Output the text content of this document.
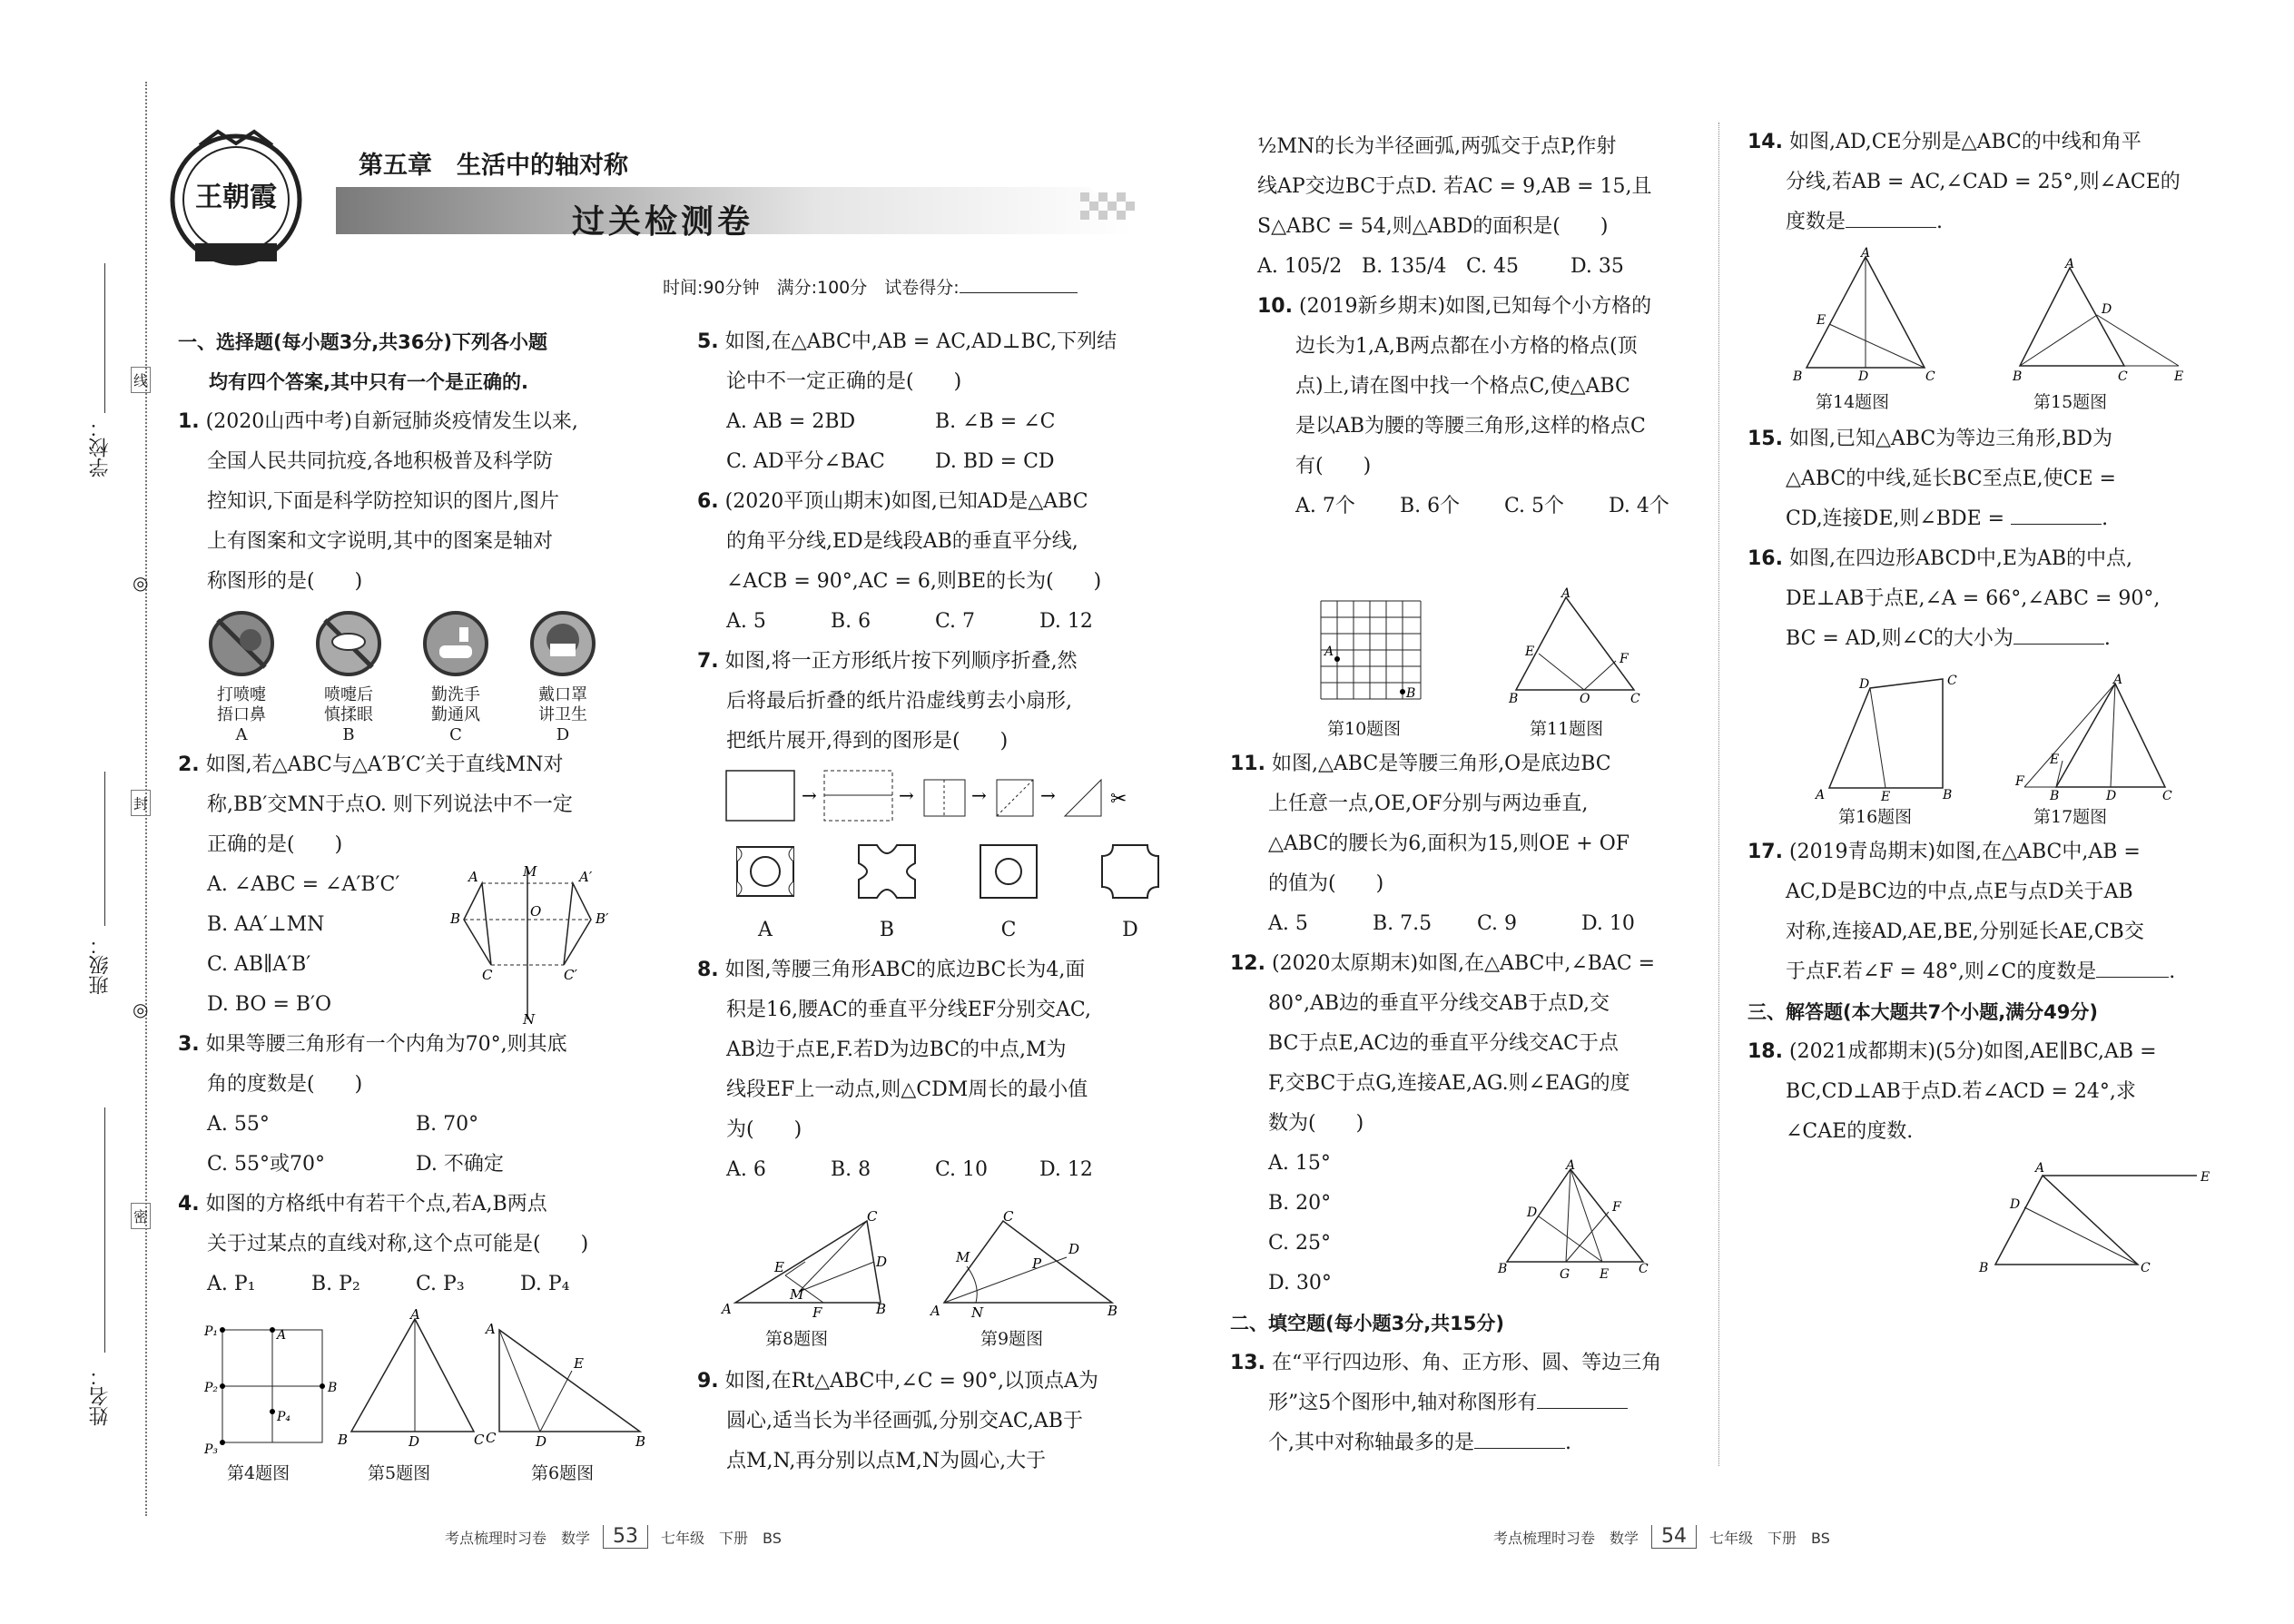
学校：
班级：
姓名：
线
◎
封
◎
密
王朝霞
第五章　生活中的轴对称
过关检测卷
时间:90分钟　满分:100分　试卷得分:
一、选择题(每小题3分,共36分)下列各小题
均有四个答案,其中只有一个是正确的.

1. (2020山西中考)自新冠肺炎疫情发生以来,

全国人民共同抗疫,各地积极普及科学防

控知识,下面是科学防控知识的图片,图片

上有图案和文字说明,其中的图案是轴对

称图形的是(　　)

打喷嚏
捂口鼻
A
喷嚏后
慎揉眼
B
勤洗手
勤通风
C
戴口罩
讲卫生
D

2. 如图,若△ABC与△A′B′C′关于直线MN对

称,BB′交MN于点O. 则下列说法中不一定

正确的是(　　)

A. ∠ABC = ∠A′B′C′

B. AA′⊥MN

C. AB∥A′B′

D. BO = B′O

M
N
B	B′
O
C	C′
A′
A

3. 如果等腰三角形有一个内角为70°,则其底

角的度数是(　　)

A. 55°	B. 70°
C. 55°或70°	D. 不确定

4. 如图的方格纸中有若干个点,若A,B两点

关于过某点的直线对称,这个点可能是(　　)

A. P₁	B. P₂	C. P₃	D. P₄
P₁
P₂
P₃
P₄
A
B
第4题图
A
B	D	C
第5题图
A
C	D	B
E
第6题图

5. 如图,在△ABC中,AB = AC,AD⊥BC,下列结

论中不一定正确的是(　　)

A. AB = 2BD	B. ∠B = ∠C
C. AD平分∠BAC	D. BD = CD

6. (2020平顶山期末)如图,已知AD是△ABC

的角平分线,ED是线段AB的垂直平分线,

∠ACB = 90°,AC = 6,则BE的长为(　　)

A. 5	B. 6	C. 7	D. 12

7. 如图,将一正方形纸片按下列顺序折叠,然

后将最后折叠的纸片沿虚线剪去小扇形,

把纸片展开,得到的图形是(　　)

→	→	→	→	✂
A	B	C	D

8. 如图,等腰三角形ABC的底边BC长为4,面

积是16,腰AC的垂直平分线EF分别交AC,

AB边于点E,F.若D为边BC的中点,M为

线段EF上一动点,则△CDM周长的最小值

为(　　)

A. 6	B. 8	C. 10	D. 12
A	B
C
D
E
M
F
第8题图
A	B
C
M
N
D
P
第9题图

9. 如图,在Rt△ABC中,∠C = 90°,以顶点A为

圆心,适当长为半径画弧,分别交AC,AB于

点M,N,再分别以点M,N为圆心,大于

½MN的长为半径画弧,两弧交于点P,作射

线AP交边BC于点D. 若AC = 9,AB = 15,且

S△ABC = 54,则△ABD的面积是(　　)

A. 105/2 B. 135/4 C. 45	D. 35

10. (2019新乡期末)如图,已知每个小方格的

边长为1,A,B两点都在小方格的格点(顶

点)上,请在图中找一个格点C,使△ABC

是以AB为腰的等腰三角形,这样的格点C

有(　　)

A. 7个	B. 6个	C. 5个	D. 4个
A
B
第10题图
A
B	O	C
E	F
第11题图

11. 如图,△ABC是等腰三角形,O是底边BC

上任意一点,OE,OF分别与两边垂直,

△ABC的腰长为6,面积为15,则OE + OF

的值为(　　)

A. 5	B. 7.5	C. 9	D. 10

12. (2020太原期末)如图,在△ABC中,∠BAC =

80°,AB边的垂直平分线交AB于点D,交

BC于点E,AC边的垂直平分线交AC于点

F,交BC于点G,连接AE,AG.则∠EAG的度

数为(　　)

A. 15°

B. 20°

C. 25°

D. 30°

二、填空题(每小题3分,共15分)

13. 在“平行四边形、角、正方形、圆、等边三角

形”这5个图形中,轴对称图形有

个,其中对称轴最多的是	.

A
B	C
D	F
G E

14. 如图,AD,CE分别是△ABC的中线和角平

分线,若AB = AC,∠CAD = 25°,则∠ACE的

度数是	.

A
B	D	C
E
第14题图
A
B	C
D
E
第15题图

15. 如图,已知△ABC为等边三角形,BD为

△ABC的中线,延长BC至点E,使CE =

CD,连接DE,则∠BDE =	.

16. 如图,在四边形ABCD中,E为AB的中点,

DE⊥AB于点E,∠A = 66°,∠ABC = 90°,

BC = AD,则∠C的大小为	.

A	B
C
D
E
第16题图
A
F
B	D	C
E
第17题图

17. (2019青岛期末)如图,在△ABC中,AB =

AC,D是BC边的中点,点E与点D关于AB

对称,连接AD,AE,BE,分别延长AE,CB交

于点F.若∠F = 48°,则∠C的度数是	.

三、解答题(本大题共7个小题,满分49分)

18. (2021成都期末)(5分)如图,AE∥BC,AB =

BC,CD⊥AB于点D.若∠ACD = 24°,求

∠CAE的度数.

A
E
B	C
D
考点梳理时习卷　数学	53	七年级　下册　BS	考点梳理时习卷　数学	54	七年级　下册　BS
